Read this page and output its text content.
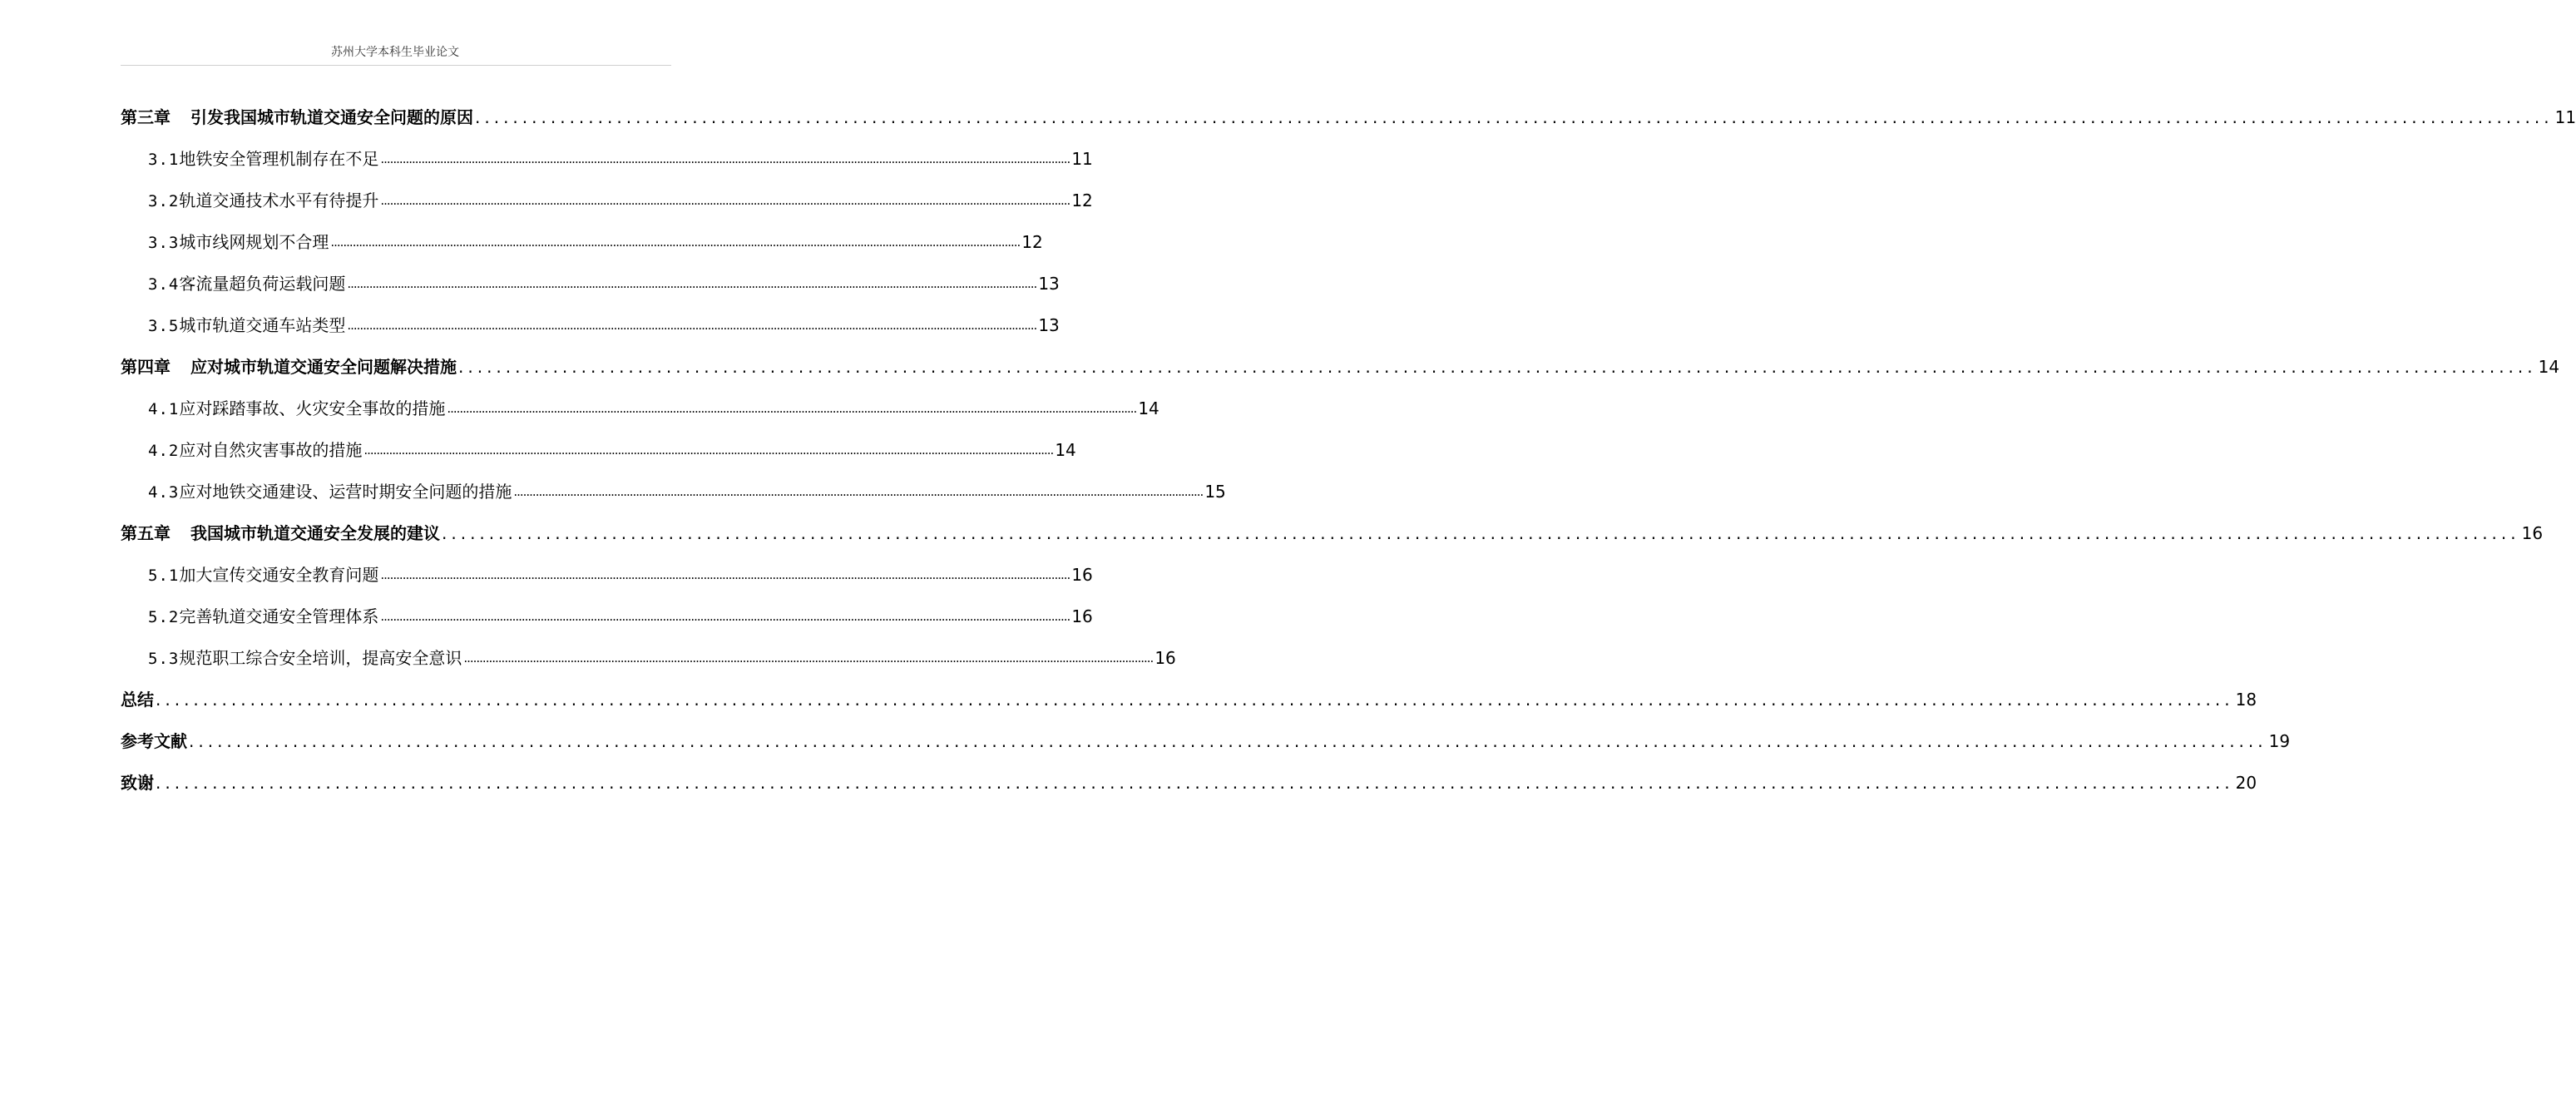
苏州大学本科生毕业论文
第三章 引发我国城市轨道交通安全问题的原因 ............................................................................................................................................................................................................................ 11
3.1地铁安全管理机制存在不足 ............................................................................................................................................................................................................................ 11
3.2轨道交通技术水平有待提升 ............................................................................................................................................................................................................................ 12
3.3城市线网规划不合理 ............................................................................................................................................................................................................................ 12
3.4客流量超负荷运载问题 ............................................................................................................................................................................................................................ 13
3.5城市轨道交通车站类型 ............................................................................................................................................................................................................................ 13
第四章 应对城市轨道交通安全问题解决措施 ............................................................................................................................................................................................................................ 14
4.1应对踩踏事故、火灾安全事故的措施 ............................................................................................................................................................................................................................ 14
4.2应对自然灾害事故的措施 ............................................................................................................................................................................................................................ 14
4.3应对地铁交通建设、运营时期安全问题的措施 ............................................................................................................................................................................................................................ 15
第五章 我国城市轨道交通安全发展的建议 ............................................................................................................................................................................................................................ 16
5.1加大宣传交通安全教育问题 ............................................................................................................................................................................................................................ 16
5.2完善轨道交通安全管理体系 ............................................................................................................................................................................................................................ 16
5.3规范职工综合安全培训，提高安全意识 ............................................................................................................................................................................................................................ 16
总结 ............................................................................................................................................................................................................................ 18
参考文献 ............................................................................................................................................................................................................................ 19
致谢 ............................................................................................................................................................................................................................ 20
